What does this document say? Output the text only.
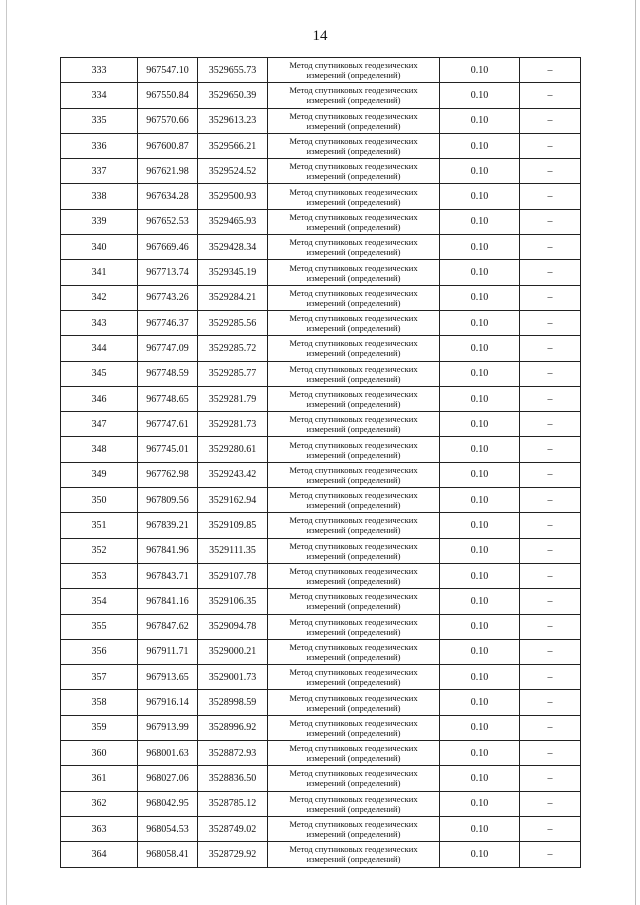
14
333	967547.10	3529655.73	Метод спутниковых геодезических
измерений (определений)	0.10	–
334	967550.84	3529650.39	Метод спутниковых геодезических
измерений (определений)	0.10	–
335	967570.66	3529613.23	Метод спутниковых геодезических
измерений (определений)	0.10	–
336	967600.87	3529566.21	Метод спутниковых геодезических
измерений (определений)	0.10	–
337	967621.98	3529524.52	Метод спутниковых геодезических
измерений (определений)	0.10	–
338	967634.28	3529500.93	Метод спутниковых геодезических
измерений (определений)	0.10	–
339	967652.53	3529465.93	Метод спутниковых геодезических
измерений (определений)	0.10	–
340	967669.46	3529428.34	Метод спутниковых геодезических
измерений (определений)	0.10	–
341	967713.74	3529345.19	Метод спутниковых геодезических
измерений (определений)	0.10	–
342	967743.26	3529284.21	Метод спутниковых геодезических
измерений (определений)	0.10	–
343	967746.37	3529285.56	Метод спутниковых геодезических
измерений (определений)	0.10	–
344	967747.09	3529285.72	Метод спутниковых геодезических
измерений (определений)	0.10	–
345	967748.59	3529285.77	Метод спутниковых геодезических
измерений (определений)	0.10	–
346	967748.65	3529281.79	Метод спутниковых геодезических
измерений (определений)	0.10	–
347	967747.61	3529281.73	Метод спутниковых геодезических
измерений (определений)	0.10	–
348	967745.01	3529280.61	Метод спутниковых геодезических
измерений (определений)	0.10	–
349	967762.98	3529243.42	Метод спутниковых геодезических
измерений (определений)	0.10	–
350	967809.56	3529162.94	Метод спутниковых геодезических
измерений (определений)	0.10	–
351	967839.21	3529109.85	Метод спутниковых геодезических
измерений (определений)	0.10	–
352	967841.96	3529111.35	Метод спутниковых геодезических
измерений (определений)	0.10	–
353	967843.71	3529107.78	Метод спутниковых геодезических
измерений (определений)	0.10	–
354	967841.16	3529106.35	Метод спутниковых геодезических
измерений (определений)	0.10	–
355	967847.62	3529094.78	Метод спутниковых геодезических
измерений (определений)	0.10	–
356	967911.71	3529000.21	Метод спутниковых геодезических
измерений (определений)	0.10	–
357	967913.65	3529001.73	Метод спутниковых геодезических
измерений (определений)	0.10	–
358	967916.14	3528998.59	Метод спутниковых геодезических
измерений (определений)	0.10	–
359	967913.99	3528996.92	Метод спутниковых геодезических
измерений (определений)	0.10	–
360	968001.63	3528872.93	Метод спутниковых геодезических
измерений (определений)	0.10	–
361	968027.06	3528836.50	Метод спутниковых геодезических
измерений (определений)	0.10	–
362	968042.95	3528785.12	Метод спутниковых геодезических
измерений (определений)	0.10	–
363	968054.53	3528749.02	Метод спутниковых геодезических
измерений (определений)	0.10	–
364	968058.41	3528729.92	Метод спутниковых геодезических
измерений (определений)	0.10	–
